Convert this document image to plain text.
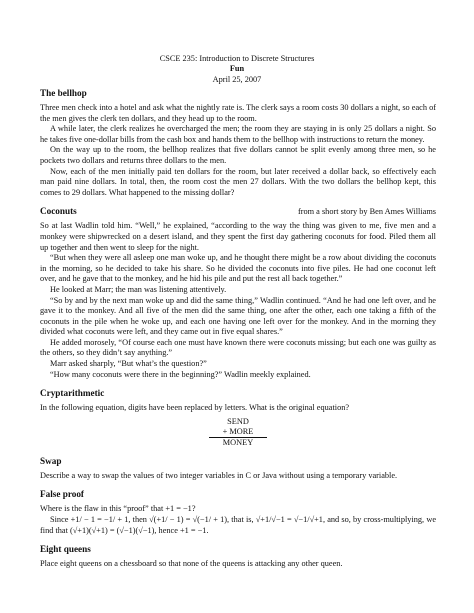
CSCE 235: Introduction to Discrete Structures
Fun
April 25, 2007
The bellhop

Three men check into a hotel and ask what the nightly rate is. The clerk says a room costs 30 dollars a night, so each of the men gives the clerk ten dollars, and they head up to the room.

A while later, the clerk realizes he overcharged the men; the room they are staying in is only 25 dollars a night. So he takes five one-dollar bills from the cash box and hands them to the bellhop with instructions to return the money.

On the way up to the room, the bellhop realizes that five dollars cannot be split evenly among three men, so he pockets two dollars and returns three dollars to the men.

Now, each of the men initially paid ten dollars for the room, but later received a dollar back, so effectively each man paid nine dollars. In total, then, the room cost the men 27 dollars. With the two dollars the bellhop kept, this comes to 29 dollars. What happened to the missing dollar?

Coconuts	from a short story by Ben Ames Williams

So at last Wadlin told him. “Well,” he explained, “according to the way the thing was given to me, five men and a monkey were shipwrecked on a desert island, and they spent the first day gathering coconuts for food. Piled them all up together and then went to sleep for the night.

“But when they were all asleep one man woke up, and he thought there might be a row about dividing the coconuts in the morning, so he decided to take his share. So he divided the coconuts into five piles. He had one coconut left over, and he gave that to the monkey, and he hid his pile and put the rest all back together.”

He looked at Marr; the man was listening attentively.

“So by and by the next man woke up and did the same thing,” Wadlin continued. “And he had one left over, and he gave it to the monkey. And all five of the men did the same thing, one after the other, each one taking a fifth of the coconuts in the pile when he woke up, and each one having one left over for the monkey. And in the morning they divided what coconuts were left, and they came out in five equal shares.”

He added morosely, “Of course each one must have known there were coconuts missing; but each one was guilty as the others, so they didn’t say anything.”

Marr asked sharply, “But what’s the question?”

“How many coconuts were there in the beginning?” Wadlin meekly explained.

Cryptarithmetic

In the following equation, digits have been replaced by letters. What is the original equation?

SEND
+ MORE
MONEY
Swap

Describe a way to swap the values of two integer variables in C or Java without using a temporary variable.

False proof

Where is the flaw in this “proof” that +1 = −1?

Since +1/ − 1 = −1/ + 1, then √(+1/ − 1) = √(−1/ + 1), that is, √+1/√−1 = √−1/√+1, and so, by cross-multiplying, we find that (√+1)(√+1) = (√−1)(√−1), hence +1 = −1.

Eight queens

Place eight queens on a chessboard so that none of the queens is attacking any other queen.
